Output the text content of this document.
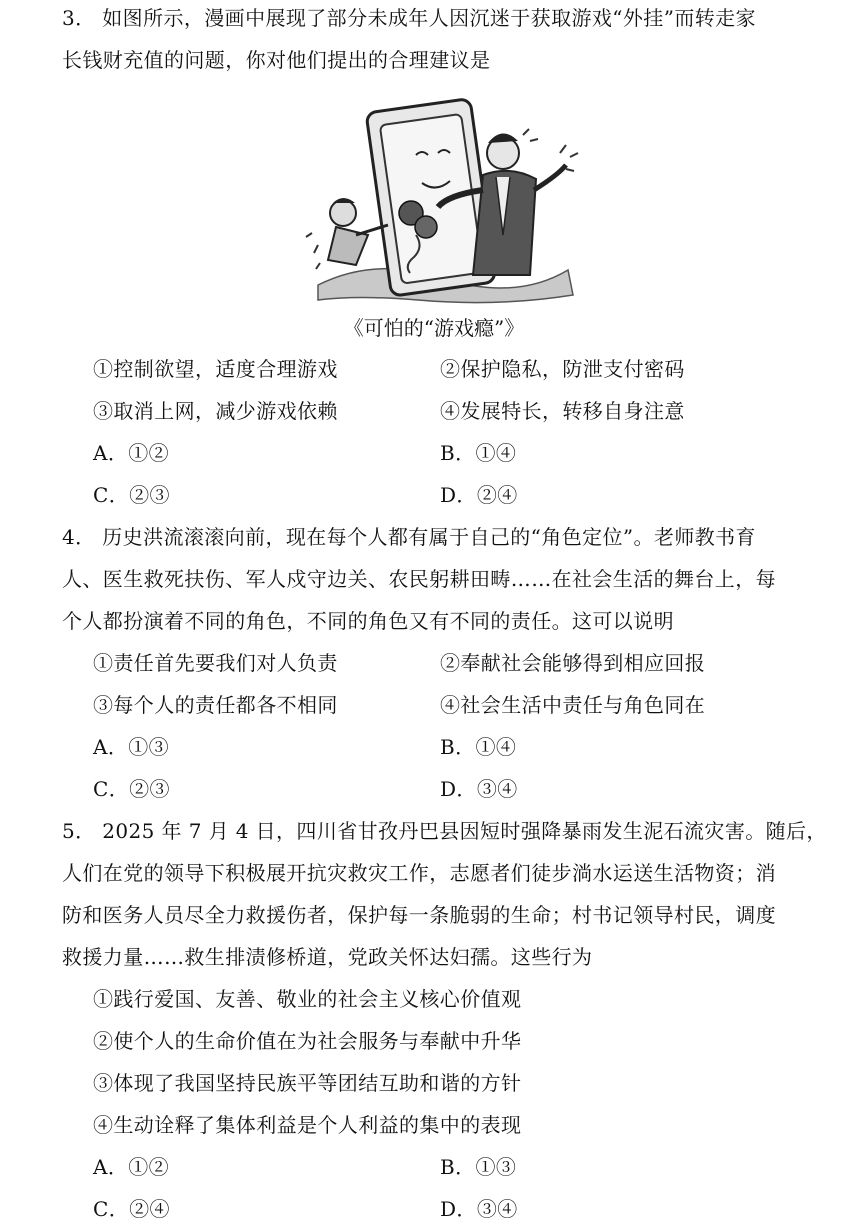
3． 如图所示，漫画中展现了部分未成年人因沉迷于获取游戏“外挂”而转走家
长钱财充值的问题，你对他们提出的合理建议是
《可怕的“游戏瘾”》
①控制欲望，适度合理游戏	②保护隐私，防泄支付密码
③取消上网，减少游戏依赖	④发展特长，转移自身注意
A．①②	B．①④
C．②③	D．②④
4． 历史洪流滚滚向前，现在每个人都有属于自己的“角色定位”。老师教书育
人、医生救死扶伤、军人戍守边关、农民躬耕田畴……在社会生活的舞台上，每
个人都扮演着不同的角色，不同的角色又有不同的责任。这可以说明
①责任首先要我们对人负责	②奉献社会能够得到相应回报
③每个人的责任都各不相同	④社会生活中责任与角色同在
A．①③	B．①④
C．②③	D．③④
5． 2025 年 7 月 4 日，四川省甘孜丹巴县因短时强降暴雨发生泥石流灾害。随后，
人们在党的领导下积极展开抗灾救灾工作，志愿者们徒步淌水运送生活物资；消
防和医务人员尽全力救援伤者，保护每一条脆弱的生命；村书记领导村民，调度
救援力量……救生排渍修桥道，党政关怀达妇孺。这些行为
①践行爱国、友善、敬业的社会主义核心价值观
②使个人的生命价值在为社会服务与奉献中升华
③体现了我国坚持民族平等团结互助和谐的方针
④生动诠释了集体利益是个人利益的集中的表现
A．①②	B．①③
C．②④	D．③④
